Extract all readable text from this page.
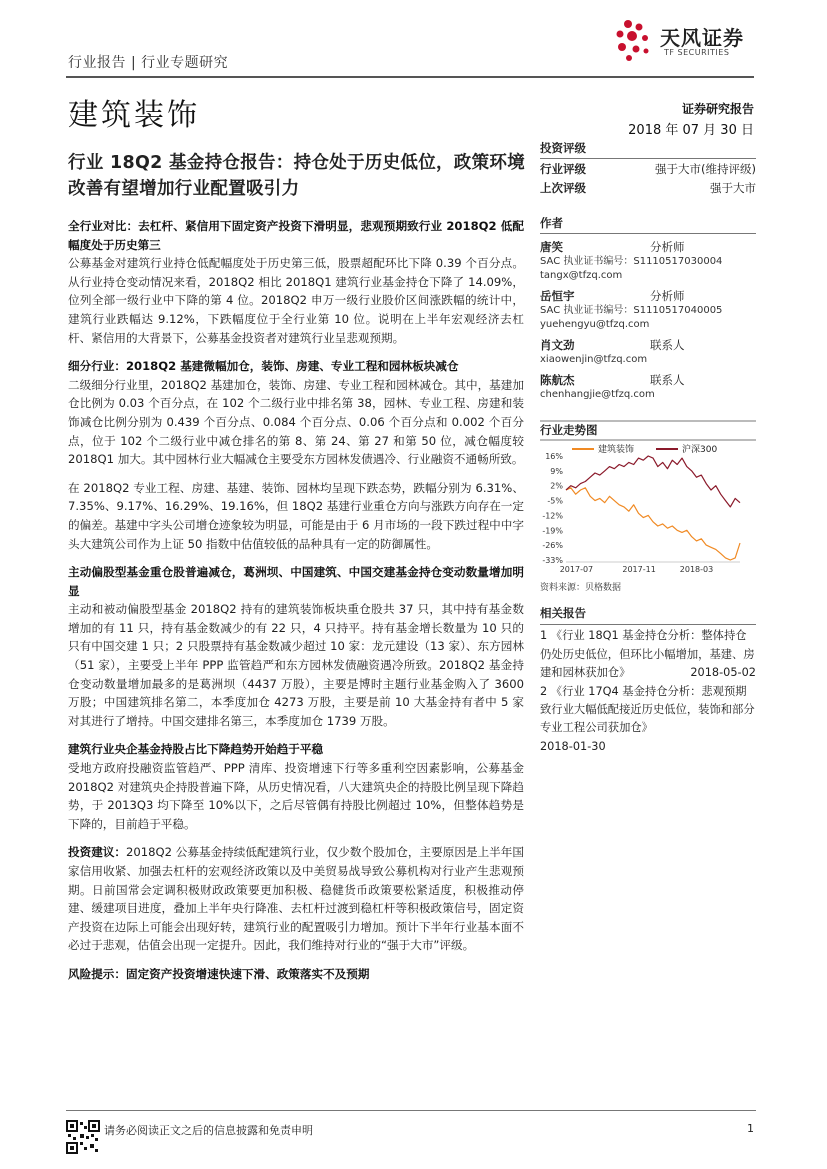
行业报告 | 行业专题研究
天风证券
TF SECURITIES
建筑装饰	证券研究报告
2018 年 07 月 30 日
行业 18Q2 基金持仓报告：持仓处于历史低位，政策环境改善有望增加行业配置吸引力

全行业对比：去杠杆、紧信用下固定资产投资下滑明显，悲观预期致行业 2018Q2 低配幅度处于历史第三

公募基金对建筑行业持仓低配幅度处于历史第三低，股票超配环比下降 0.39 个百分点。从行业持仓变动情况来看，2018Q2 相比 2018Q1 建筑行业基金持仓下降了 14.09%，位列全部一级行业中下降的第 4 位。2018Q2 申万一级行业股价区间涨跌幅的统计中，建筑行业跌幅达 9.12%，下跌幅度位于全行业第 10 位。说明在上半年宏观经济去杠杆、紧信用的大背景下，公募基金投资者对建筑行业呈悲观预期。

细分行业：2018Q2 基建微幅加仓，装饰、房建、专业工程和园林板块减仓

二级细分行业里，2018Q2 基建加仓，装饰、房建、专业工程和园林减仓。其中，基建加仓比例为 0.03 个百分点，在 102 个二级行业中排名第 38，园林、专业工程、房建和装饰减仓比例分别为 0.439 个百分点、0.084 个百分点、0.06 个百分点和 0.002 个百分点，位于 102 个二级行业中减仓排名的第 8、第 24、第 27 和第 50 位，减仓幅度较 2018Q1 加大。其中园林行业大幅减仓主要受东方园林发债遇冷、行业融资不通畅所致。

在 2018Q2 专业工程、房建、基建、装饰、园林均呈现下跌态势，跌幅分别为 6.31%、7.35%、9.17%、16.29%、19.16%，但 18Q2 基建行业重仓方向与涨跌方向存在一定的偏差。基建中字头公司增仓迹象较为明显，可能是由于 6 月市场的一段下跌过程中中字头大建筑公司作为上证 50 指数中估值较低的品种具有一定的防御属性。

主动偏股型基金重仓股普遍减仓，葛洲坝、中国建筑、中国交建基金持仓变动数量增加明显

主动和被动偏股型基金 2018Q2 持有的建筑装饰板块重仓股共 37 只，其中持有基金数增加的有 11 只，持有基金数减少的有 22 只，4 只持平。持有基金增长数量为 10 只的只有中国交建 1 只；2 只股票持有基金数减少超过 10 家：龙元建设（13 家）、东方园林（51 家），主要受上半年 PPP 监管趋严和东方园林发债融资遇冷所致。2018Q2 基金持仓变动数量增加最多的是葛洲坝（4437 万股），主要是博时主题行业基金购入了 3600 万股；中国建筑排名第二，本季度加仓 4273 万股，主要是前 10 大基金持有者中 5 家对其进行了增持。中国交建排名第三，本季度加仓 1739 万股。

建筑行业央企基金持股占比下降趋势开始趋于平稳

受地方政府投融资监管趋严、PPP 清库、投资增速下行等多重利空因素影响，公募基金 2018Q2 对建筑央企持股普遍下降，从历史情况看，八大建筑央企的持股比例呈现下降趋势，于 2013Q3 均下降至 10%以下，之后尽管偶有持股比例超过 10%，但整体趋势是下降的，目前趋于平稳。

投资建议：2018Q2 公募基金持续低配建筑行业，仅少数个股加仓，主要原因是上半年国家信用收紧、加强去杠杆的宏观经济政策以及中美贸易战导致公募机构对行业产生悲观预期。日前国常会定调积极财政政策要更加积极、稳健货币政策要松紧适度，积极推动停建、缓建项目进度，叠加上半年央行降准、去杠杆过渡到稳杠杆等积极政策信号，固定资产投资在边际上可能会出现好转，建筑行业的配置吸引力增加。预计下半年行业基本面不必过于悲观，估值会出现一定提升。因此，我们维持对行业的“强于大市”评级。

风险提示：固定资产投资增速快速下滑、政策落实不及预期

投资评级
行业评级	强于大市(维持评级)
上次评级	强于大市
作者
唐笑	分析师
SAC 执业证书编号：S1110517030004
tangx@tfzq.com
岳恒宇	分析师
SAC 执业证书编号：S1110517040005
yuehengyu@tfzq.com
肖文劲	联系人
xiaowenjin@tfzq.com
陈航杰	联系人
chenhangjie@tfzq.com
行业走势图
建筑装饰	沪深300
16%
9%
2%
-5%
-12%
-19%
-26%
-33%
2017-07	2017-11	2018-03
资料来源：贝格数据
相关报告
1 《行业 18Q1 基金持仓分析：整体持仓仍处历史低位，但环比小幅增加，基建、房建和园林获加仓》	2018-05-02
2 《行业 17Q4 基金持仓分析：悲观预期致行业大幅低配接近历史低位，装饰和部分专业工程公司获加仓》
2018-01-30
请务必阅读正文之后的信息披露和免责申明	1
